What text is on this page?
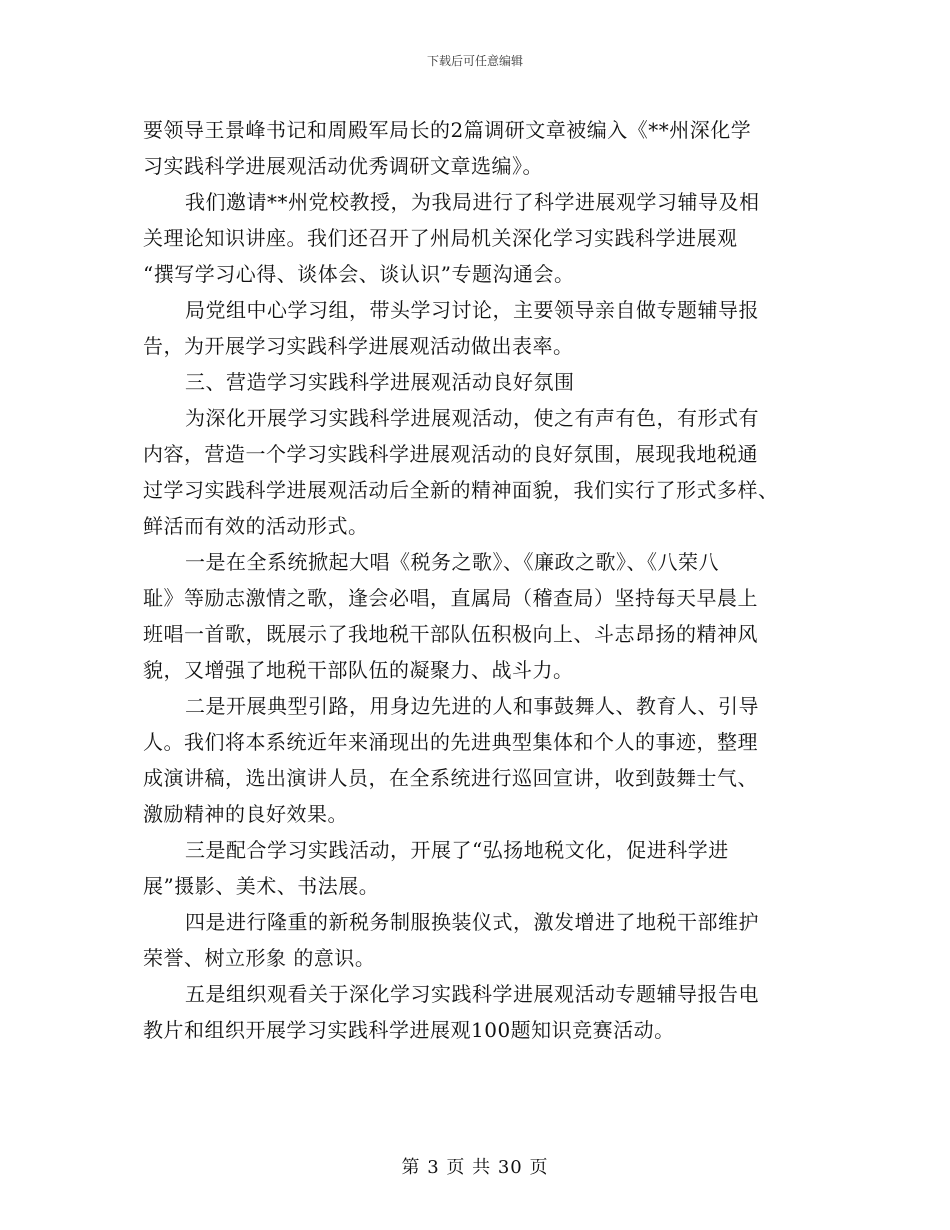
下载后可任意编辑
要领导王景峰书记和周殿军局长的2篇调研文章被编入《**州深化学
习实践科学进展观活动优秀调研文章选编》。
我们邀请**州党校教授，为我局进行了科学进展观学习辅导及相
关理论知识讲座。我们还召开了州局机关深化学习实践科学进展观
“撰写学习心得、谈体会、谈认识”专题沟通会。
局党组中心学习组，带头学习讨论，主要领导亲自做专题辅导报
告，为开展学习实践科学进展观活动做出表率。
三、营造学习实践科学进展观活动良好氛围
为深化开展学习实践科学进展观活动，使之有声有色，有形式有
内容，营造一个学习实践科学进展观活动的良好氛围，展现我地税通
过学习实践科学进展观活动后全新的精神面貌，我们实行了形式多样、
鲜活而有效的活动形式。
一是在全系统掀起大唱《税务之歌》、《廉政之歌》、《八荣八
耻》等励志激情之歌，逢会必唱，直属局（稽查局）坚持每天早晨上
班唱一首歌，既展示了我地税干部队伍积极向上、斗志昂扬的精神风
貌，又增强了地税干部队伍的凝聚力、战斗力。
二是开展典型引路，用身边先进的人和事鼓舞人、教育人、引导
人。我们将本系统近年来涌现出的先进典型集体和个人的事迹，整理
成演讲稿，选出演讲人员，在全系统进行巡回宣讲，收到鼓舞士气、
激励精神的良好效果。
三是配合学习实践活动，开展了“弘扬地税文化，促进科学进
展”摄影、美术、书法展。
四是进行隆重的新税务制服换装仪式，激发增进了地税干部维护
荣誉、树立形象 的意识。
五是组织观看关于深化学习实践科学进展观活动专题辅导报告电
教片和组织开展学习实践科学进展观100题知识竞赛活动。
第 3 页 共 30 页
